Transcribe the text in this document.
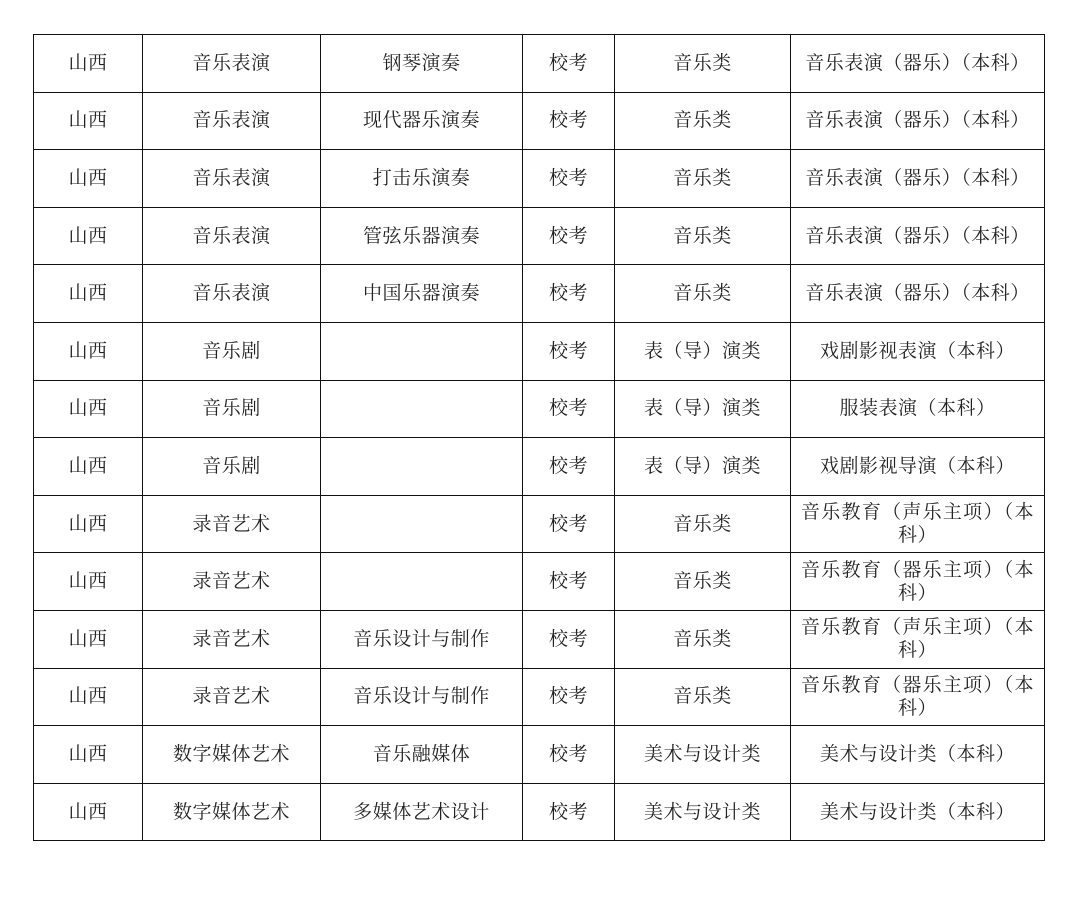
山西	音乐表演	钢琴演奏	校考	音乐类	音乐表演（器乐）（本科）
山西	音乐表演	现代器乐演奏	校考	音乐类	音乐表演（器乐）（本科）
山西	音乐表演	打击乐演奏	校考	音乐类	音乐表演（器乐）（本科）
山西	音乐表演	管弦乐器演奏	校考	音乐类	音乐表演（器乐）（本科）
山西	音乐表演	中国乐器演奏	校考	音乐类	音乐表演（器乐）（本科）
山西	音乐剧		校考	表（导）演类	戏剧影视表演（本科）
山西	音乐剧		校考	表（导）演类	服装表演（本科）
山西	音乐剧		校考	表（导）演类	戏剧影视导演（本科）
山西	录音艺术		校考	音乐类	音乐教育（声乐主项）（本科）
山西	录音艺术		校考	音乐类	音乐教育（器乐主项）（本科）
山西	录音艺术	音乐设计与制作	校考	音乐类	音乐教育（声乐主项）（本科）
山西	录音艺术	音乐设计与制作	校考	音乐类	音乐教育（器乐主项）（本科）
山西	数字媒体艺术	音乐融媒体	校考	美术与设计类	美术与设计类（本科）
山西	数字媒体艺术	多媒体艺术设计	校考	美术与设计类	美术与设计类（本科）
